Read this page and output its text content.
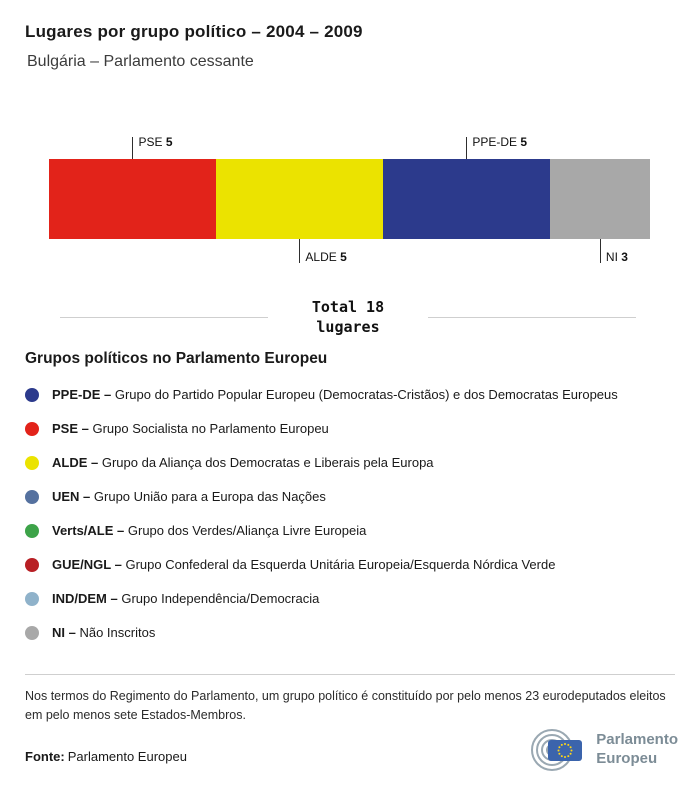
Lugares por grupo político – 2004 – 2009
Bulgária – Parlamento cessante
PSE 5	PPE-DE 5
ALDE 5	NI 3
Total 18
lugares
Grupos políticos no Parlamento Europeu
PPE-DE – Grupo do Partido Popular Europeu (Democratas-Cristãos) e dos Democratas Europeus
PSE – Grupo Socialista no Parlamento Europeu
ALDE – Grupo da Aliança dos Democratas e Liberais pela Europa
UEN – Grupo União para a Europa das Nações
Verts/ALE – Grupo dos Verdes/Aliança Livre Europeia
GUE/NGL – Grupo Confederal da Esquerda Unitária Europeia/Esquerda Nórdica Verde
IND/DEM – Grupo Independência/Democracia
NI – Não Inscritos

Nos termos do Regimento do Parlamento, um grupo político é constituído por pelo menos 23 eurodeputados eleitos em pelo menos sete Estados-Membros.

Fonte: Parlamento Europeu
Parlamento
Europeu
